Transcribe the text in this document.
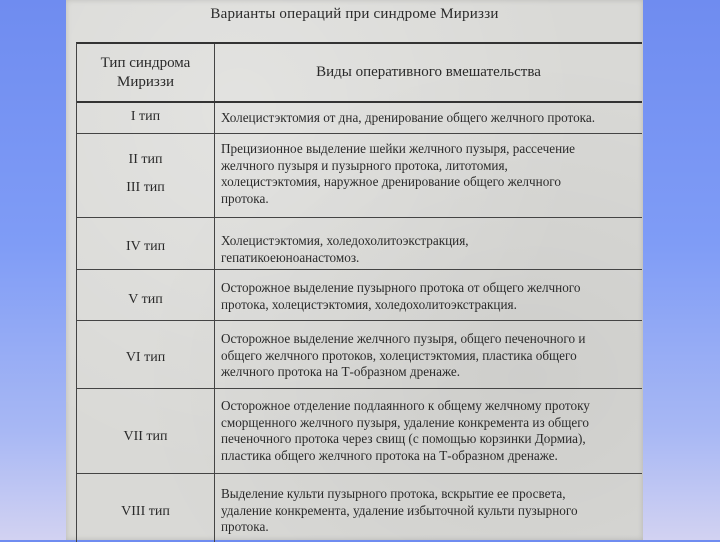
Варианты операций при синдроме Мириззи
Тип синдрома Мириззи
Виды оперативного вмешательства
I тип	Холецистэктомия от дна, дренирование общего желчного протока.
II тип
III тип
Прецизионное выделение шейки желчного пузыря, рассечение
желчного пузыря и пузырного протока, литотомия,
холецистэктомия, наружное дренирование общего желчного
протока.
IV тип	Холецистэктомия, холедохолитоэкстракция,
гепатикоеюноанастомоз.
V тип
Осторожное выделение пузырного протока от общего желчного
протока, холецистэктомия, холедохолитоэкстракция.
VI тип
Осторожное выделение желчного пузыря, общего печеночного и
общего желчного протоков, холецистэктомия, пластика общего
желчного протока на Т-образном дренаже.
VII тип
Осторожное отделение подлаянного к общему желчному протоку
сморщенного желчного пузыря, удаление конкремента из общего
печеночного протока через свищ (с помощью корзинки Дормиа),
пластика общего желчного протока на Т-образном дренаже.
VIII тип
Выделение культи пузырного протока, вскрытие ее просвета,
удаление конкремента, удаление избыточной культи пузырного
протока.
